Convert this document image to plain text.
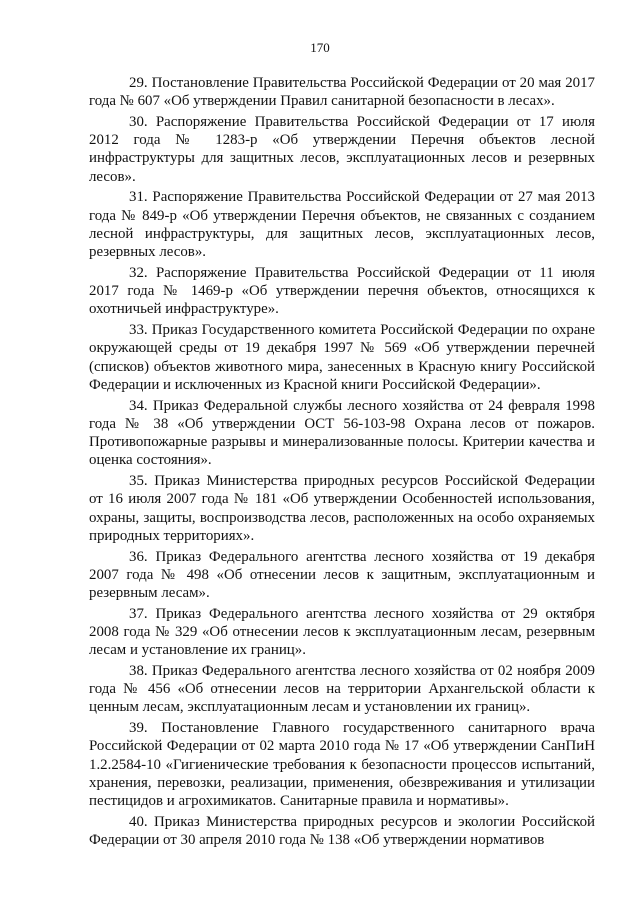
170

29. Постановление Правительства Российской Федерации от 20 мая 2017 года № 607 «Об утверждении Правил санитарной безопасности в лесах».

30. Распоряжение Правительства Российской Федерации от 17 июля 2012 года № 1283-р «Об утверждении Перечня объектов лесной инфраструктуры для защитных лесов, эксплуатационных лесов и резервных лесов».

31. Распоряжение Правительства Российской Федерации от 27 мая 2013 года № 849-р «Об утверждении Перечня объектов, не связанных с созданием лесной инфраструктуры, для защитных лесов, эксплуатационных лесов, резервных лесов».

32. Распоряжение Правительства Российской Федерации от 11 июля 2017 года № 1469-р «Об утверждении перечня объектов, относящихся к охотничьей инфраструктуре».

33. Приказ Государственного комитета Российской Федерации по охране окружающей среды от 19 декабря 1997 № 569 «Об утверждении перечней (списков) объектов животного мира, занесенных в Красную книгу Российской Федерации и исключенных из Красной книги Российской Федерации».

34. Приказ Федеральной службы лесного хозяйства от 24 февраля 1998 года № 38 «Об утверждении ОСТ 56-103-98 Охрана лесов от пожаров. Противопожарные разрывы и минерализованные полосы. Критерии качества и оценка состояния».

35. Приказ Министерства природных ресурсов Российской Федерации от 16 июля 2007 года № 181 «Об утверждении Особенностей использования, охраны, защиты, воспроизводства лесов, расположенных на особо охраняемых природных территориях».

36. Приказ Федерального агентства лесного хозяйства от 19 декабря 2007 года № 498 «Об отнесении лесов к защитным, эксплуатационным и резервным лесам».

37. Приказ Федерального агентства лесного хозяйства от 29 октября 2008 года № 329 «Об отнесении лесов к эксплуатационным лесам, резервным лесам и установление их границ».

38. Приказ Федерального агентства лесного хозяйства от 02 ноября 2009 года № 456 «Об отнесении лесов на территории Архангельской области к ценным лесам, эксплуатационным лесам и установлении их границ».

39. Постановление Главного государственного санитарного врача Российской Федерации от 02 марта 2010 года № 17 «Об утверждении СанПиН 1.2.2584-10 «Гигиенические требования к безопасности процессов испытаний, хранения, перевозки, реализации, применения, обезвреживания и утилизации пестицидов и агрохимикатов. Санитарные правила и нормативы».

40. Приказ Министерства природных ресурсов и экологии Российской Федерации от 30 апреля 2010 года № 138 «Об утверждении нормативов
